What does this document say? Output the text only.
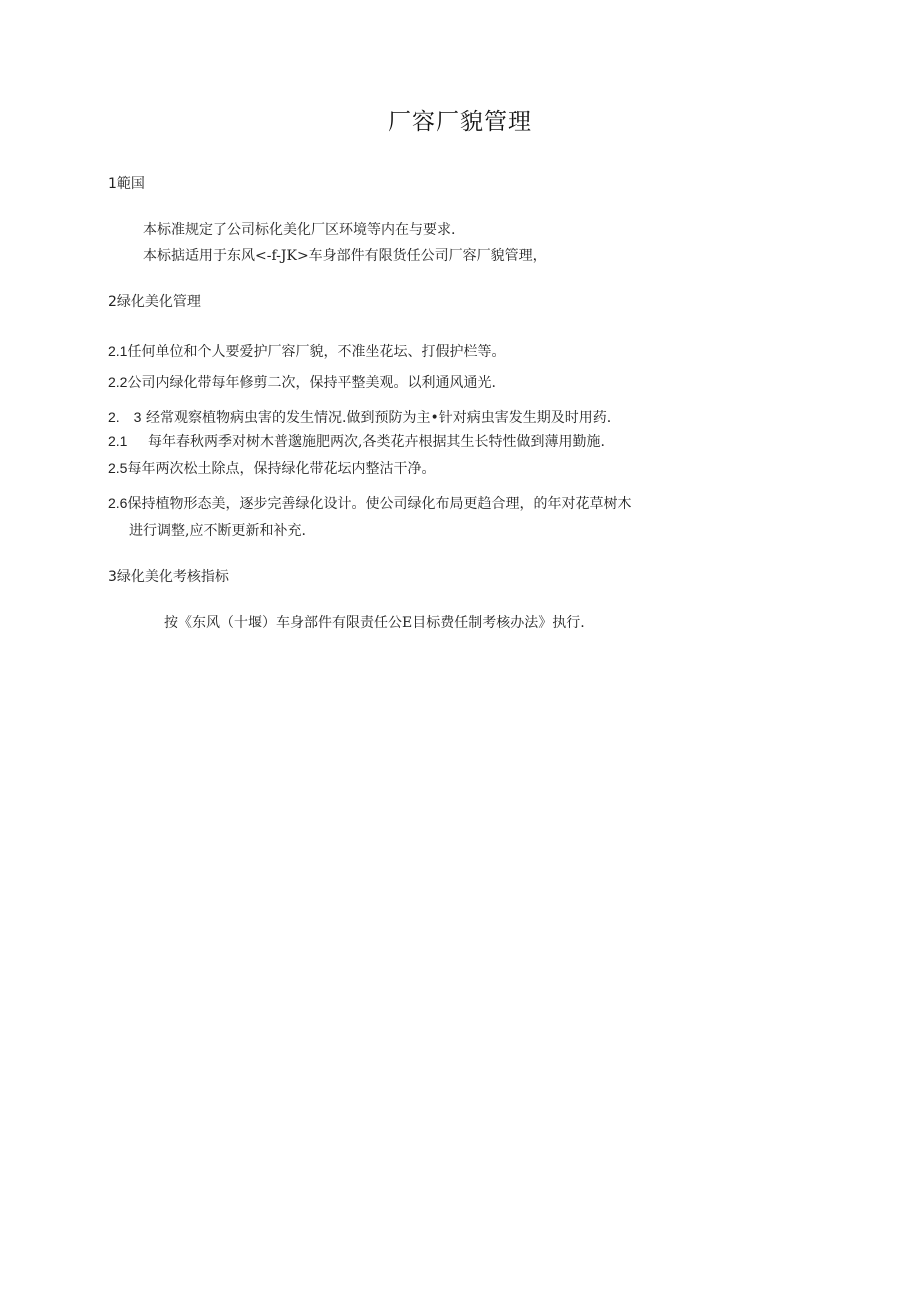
厂容厂貌管理
1範国
本标准规定了公司标化美化厂区环境等内在与要求.
本标掂适用于东风<-f-JK>车身部件有限货任公司厂容厂貌管理，
2绿化美化管理
2.1任何单位和个人要爱护厂容厂貌，不准坐花坛、打假护栏等。
2.2公司内绿化带每年修剪二次，保持平整美观。以利通风通光.
2.　3 经常观察植物病虫害的发生情况.做到预防为主•针对病虫害发生期及时用药.
2.1 每年春秋两季对树木普邈施肥两次,各类花卉根据其生长特性做到薄用勤施.
2.5每年两次松土除点，保持绿化带花坛内整沽干净。
2.6保持植物形态美，逐步完善绿化设计。使公司绿化布局更趋合理，的年对花草树木
进行调整,应不断更新和补充.
3绿化美化考核指标
按《东风（十堰）车身部件有限责任公E目标费任制考核办法》执行.
